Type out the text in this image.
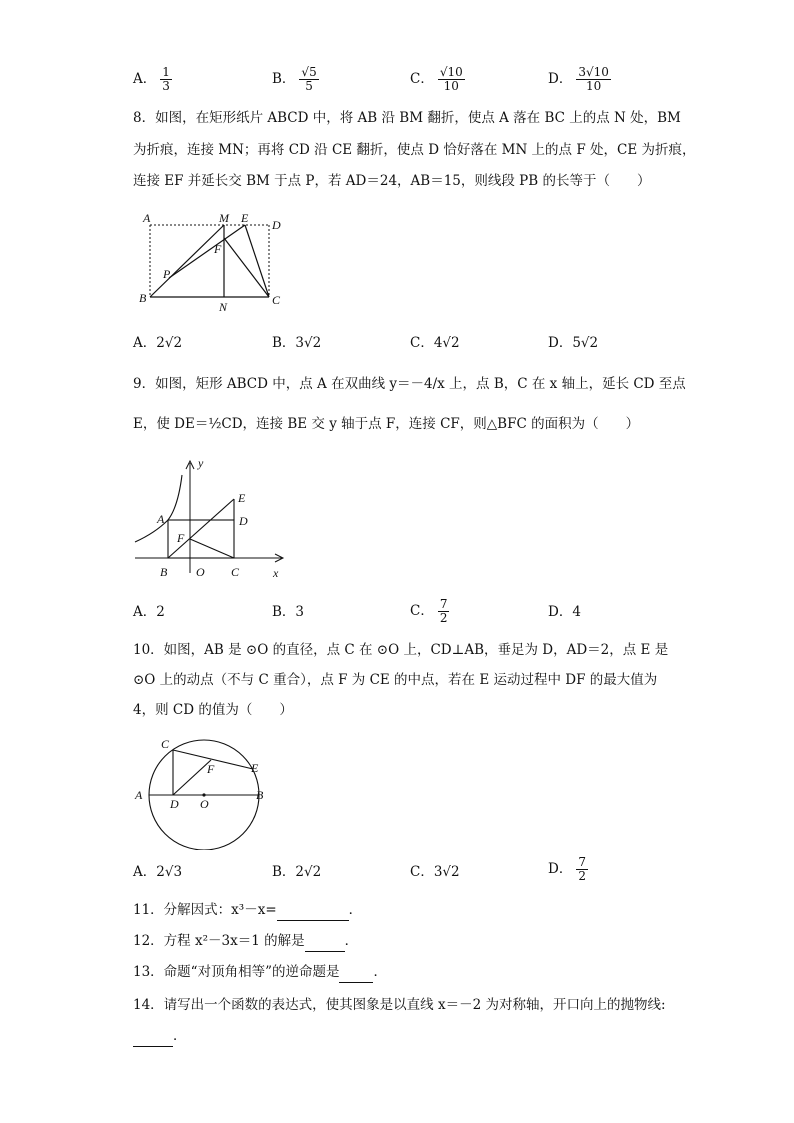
A． $\frac{1}{3}$	B． $\frac{√5}{5}$	C． $\frac{√10}{10}$	D． $\frac{3√10}{10}$
8．如图，在矩形纸片 ABCD 中，将 AB 沿 BM 翻折，使点 A 落在 BC 上的点 N 处，BM
为折痕，连接 MN；再将 CD 沿 CE 翻折，使点 D 恰好落在 MN 上的点 F 处，CE 为折痕，
连接 EF 并延长交 BM 于点 P，若 AD＝24，AB＝15，则线段 PB 的长等于（　　）
A	M E D
F
P
B
N	C
A．2√2	B．3√2	C．4√2	D．5√2
9．如图，矩形 ABCD 中，点 A 在双曲线 y＝－4/x 上，点 B，C 在 x 轴上，延长 CD 至点
E，使 DE＝½CD，连接 BE 交 y 轴于点 F，连接 CF，则△BFC 的面积为（　　）
y
x
A
E
D
F
B O C
A．2	B．3	C． $\frac{7}{2}$	D．4
10．如图，AB 是 ⊙O 的直径，点 C 在 ⊙O 上，CD⊥AB，垂足为 D，AD＝2，点 E 是
⊙O 上的动点（不与 C 重合），点 F 为 CE 的中点，若在 E 运动过程中 DF 的最大值为
4，则 CD 的值为（　　）
C
F	E
A
D O
B
A．2√3	B．2√2	C．3√2	D． $\frac{7}{2}$
11．分解因式：x³－x=	．
12．方程 x²－3x＝1 的解是	．
13．命题“对顶角相等”的逆命题是	．
14．请写出一个函数的表达式，使其图象是以直线 x＝－2 为对称轴，开口向上的抛物线:
．
